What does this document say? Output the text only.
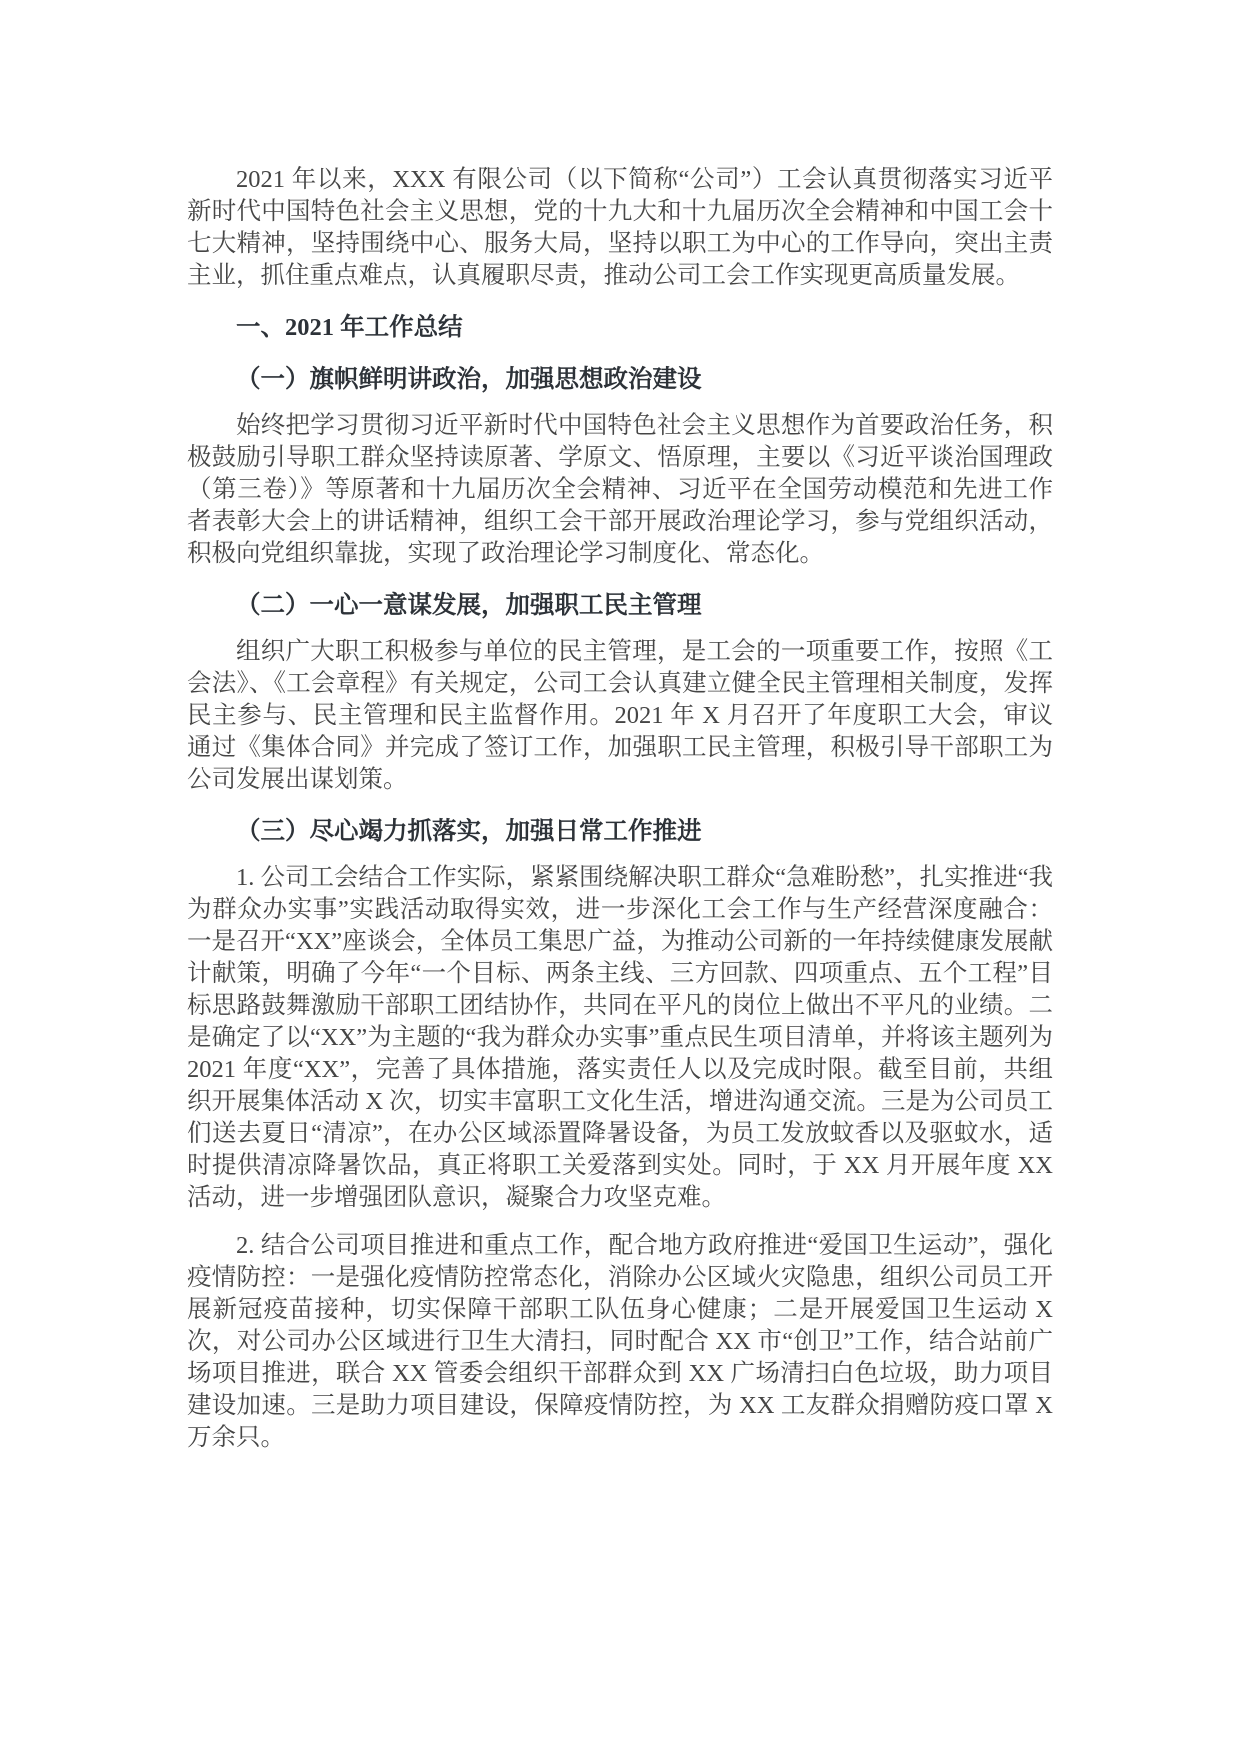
2021 年以来，XXX 有限公司（以下简称“公司”）工会认真贯彻落实习近平新时代中国特色社会主义思想，党的十九大和十九届历次全会精神和中国工会十七大精神，坚持围绕中心、服务大局，坚持以职工为中心的工作导向，突出主责主业，抓住重点难点，认真履职尽责，推动公司工会工作实现更高质量发展。

一、2021 年工作总结
（一）旗帜鲜明讲政治，加强思想政治建设

始终把学习贯彻习近平新时代中国特色社会主义思想作为首要政治任务，积极鼓励引导职工群众坚持读原著、学原文、悟原理，主要以《习近平谈治国理政（第三卷）》等原著和十九届历次全会精神、习近平在全国劳动模范和先进工作者表彰大会上的讲话精神，组织工会干部开展政治理论学习，参与党组织活动，积极向党组织靠拢，实现了政治理论学习制度化、常态化。

（二）一心一意谋发展，加强职工民主管理

组织广大职工积极参与单位的民主管理，是工会的一项重要工作，按照《工会法》、《工会章程》有关规定，公司工会认真建立健全民主管理相关制度，发挥民主参与、民主管理和民主监督作用。2021 年 X 月召开了年度职工大会，审议通过《集体合同》并完成了签订工作，加强职工民主管理，积极引导干部职工为公司发展出谋划策。

（三）尽心竭力抓落实，加强日常工作推进

1. 公司工会结合工作实际，紧紧围绕解决职工群众“急难盼愁”，扎实推进“我为群众办实事”实践活动取得实效，进一步深化工会工作与生产经营深度融合：一是召开“XX”座谈会，全体员工集思广益，为推动公司新的一年持续健康发展献计献策，明确了今年“一个目标、两条主线、三方回款、四项重点、五个工程”目标思路鼓舞激励干部职工团结协作，共同在平凡的岗位上做出不平凡的业绩。二是确定了以“XX”为主题的“我为群众办实事”重点民生项目清单，并将该主题列为 2021 年度“XX”，完善了具体措施，落实责任人以及完成时限。截至目前，共组织开展集体活动 X 次，切实丰富职工文化生活，增进沟通交流。三是为公司员工们送去夏日“清凉”，在办公区域添置降暑设备，为员工发放蚊香以及驱蚊水，适时提供清凉降暑饮品，真正将职工关爱落到实处。同时，于 XX 月开展年度 XX 活动，进一步增强团队意识，凝聚合力攻坚克难。

2. 结合公司项目推进和重点工作，配合地方政府推进“爱国卫生运动”，强化疫情防控：一是强化疫情防控常态化，消除办公区域火灾隐患，组织公司员工开展新冠疫苗接种，切实保障干部职工队伍身心健康；二是开展爱国卫生运动 X 次，对公司办公区域进行卫生大清扫，同时配合 XX 市“创卫”工作，结合站前广场项目推进，联合 XX 管委会组织干部群众到 XX 广场清扫白色垃圾，助力项目建设加速。三是助力项目建设，保障疫情防控，为 XX 工友群众捐赠防疫口罩 X 万余只。
